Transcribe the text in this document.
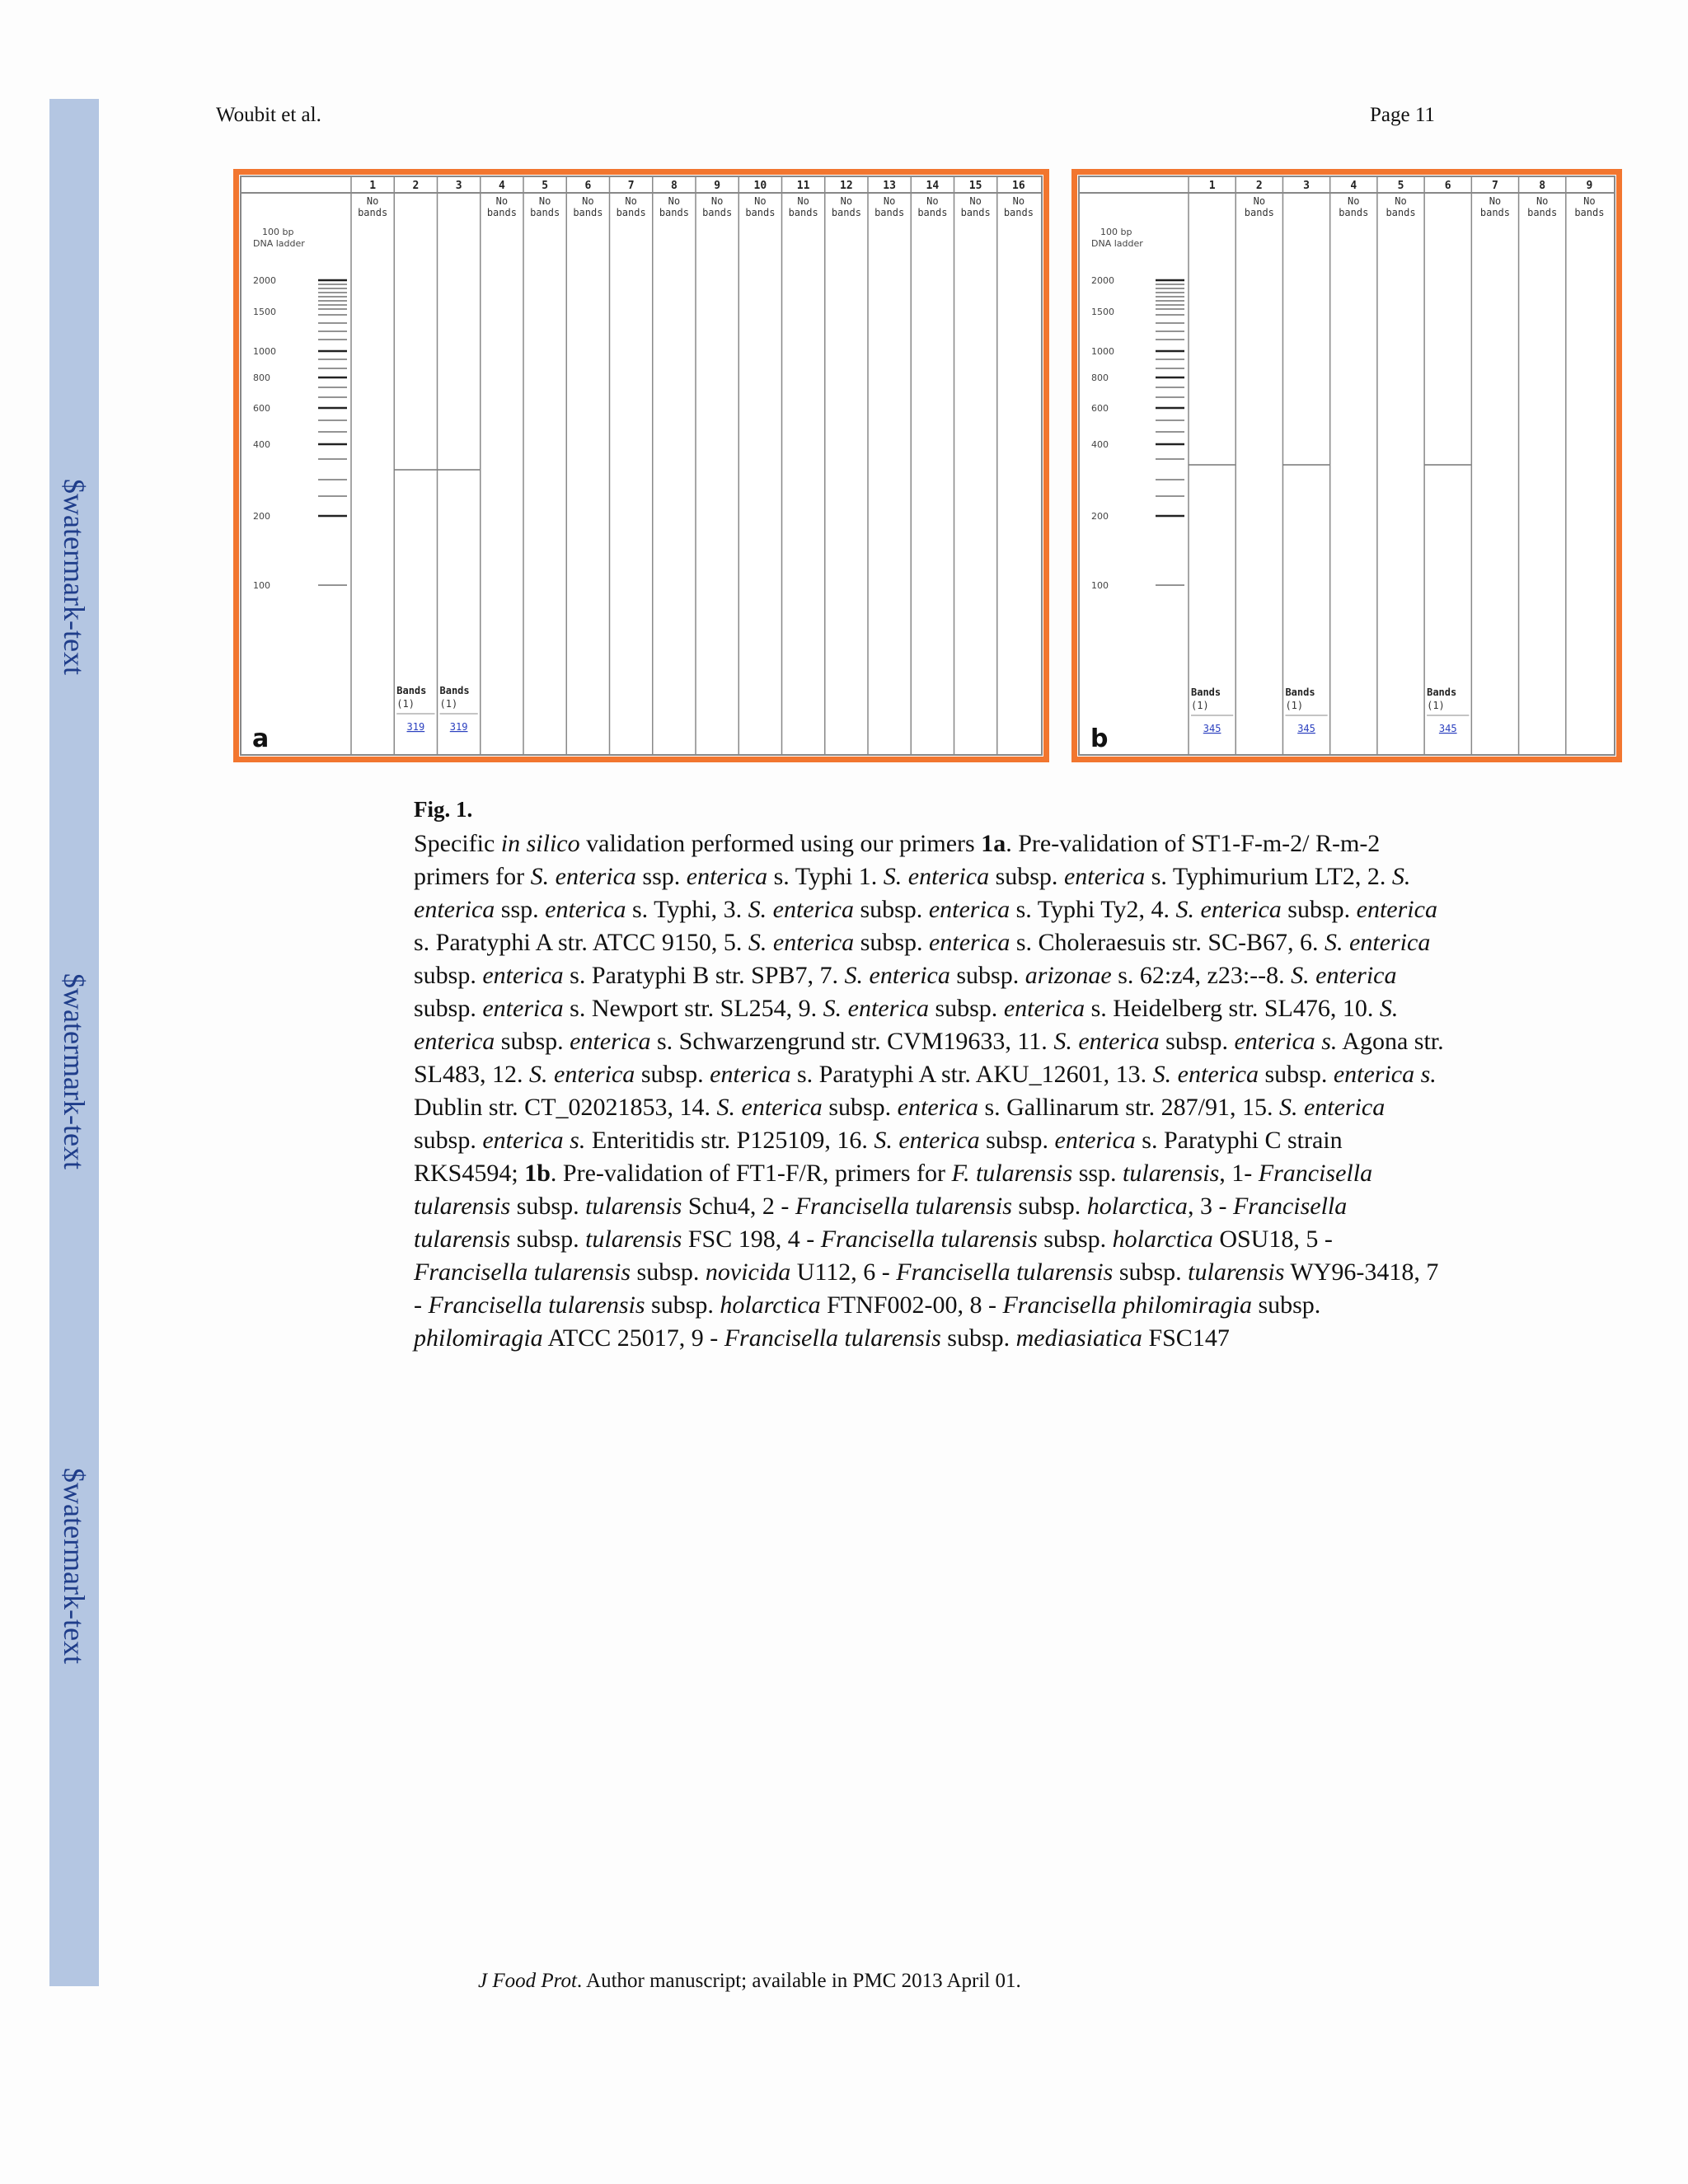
$watermark-text
$watermark-text
$watermark-text
Woubit et al.	Page 11
100 bp
DNA ladder
2000
1500
1000
800
600
400
200
100
1
No
bands
2
Bands
(1)
319
3
Bands
(1)
319
4
No
bands
5
No
bands
6
No
bands
7
No
bands
8
No
bands
9
No
bands
10
No
bands
11
No
bands
12
No
bands
13
No
bands
14
No
bands
15
No
bands
16
No
bands
a
100 bp
DNA ladder
2000
1500
1000
800
600
400
200
100
1
Bands
(1)
345
2
No
bands
3
Bands
(1)
345
4
No
bands
5
No
bands
6
Bands
(1)
345
7
No
bands
8
No
bands
9
No
bands
b
Fig. 1.
Specific in silico validation performed using our primers 1a. Pre-validation of ST1-F-m-2/ R-m-2 primers for S. enterica ssp. enterica s. Typhi 1. S. enterica subsp. enterica s. Typhimurium LT2, 2. S. enterica ssp. enterica s. Typhi, 3. S. enterica subsp. enterica s. Typhi Ty2, 4. S. enterica subsp. enterica s. Paratyphi A str. ATCC 9150, 5. S. enterica subsp. enterica s. Choleraesuis str. SC-B67, 6. S. enterica subsp. enterica s. Paratyphi B str. SPB7, 7. S. enterica subsp. arizonae s. 62:z4, z23:--8. S. enterica subsp. enterica s. Newport str. SL254, 9. S. enterica subsp. enterica s. Heidelberg str. SL476, 10. S. enterica subsp. enterica s. Schwarzengrund str. CVM19633, 11. S. enterica subsp. enterica s. Agona str. SL483, 12. S. enterica subsp. enterica s. Paratyphi A str. AKU_12601, 13. S. enterica subsp. enterica s. Dublin str. CT_02021853, 14. S. enterica subsp. enterica s. Gallinarum str. 287/91, 15. S. enterica subsp. enterica s. Enteritidis str. P125109, 16. S. enterica subsp. enterica s. Paratyphi C strain RKS4594; 1b. Pre-validation of FT1-F/R, primers for F. tularensis ssp. tularensis, 1- Francisella tularensis subsp. tularensis Schu4, 2 - Francisella tularensis subsp. holarctica, 3 - Francisella tularensis subsp. tularensis FSC 198, 4 - Francisella tularensis subsp. holarctica OSU18, 5 - Francisella tularensis subsp. novicida U112, 6 - Francisella tularensis subsp. tularensis WY96-3418, 7 - Francisella tularensis subsp. holarctica FTNF002-00, 8 - Francisella philomiragia subsp. philomiragia ATCC 25017, 9 - Francisella tularensis subsp. mediasiatica FSC147
J Food Prot. Author manuscript; available in PMC 2013 April 01.
